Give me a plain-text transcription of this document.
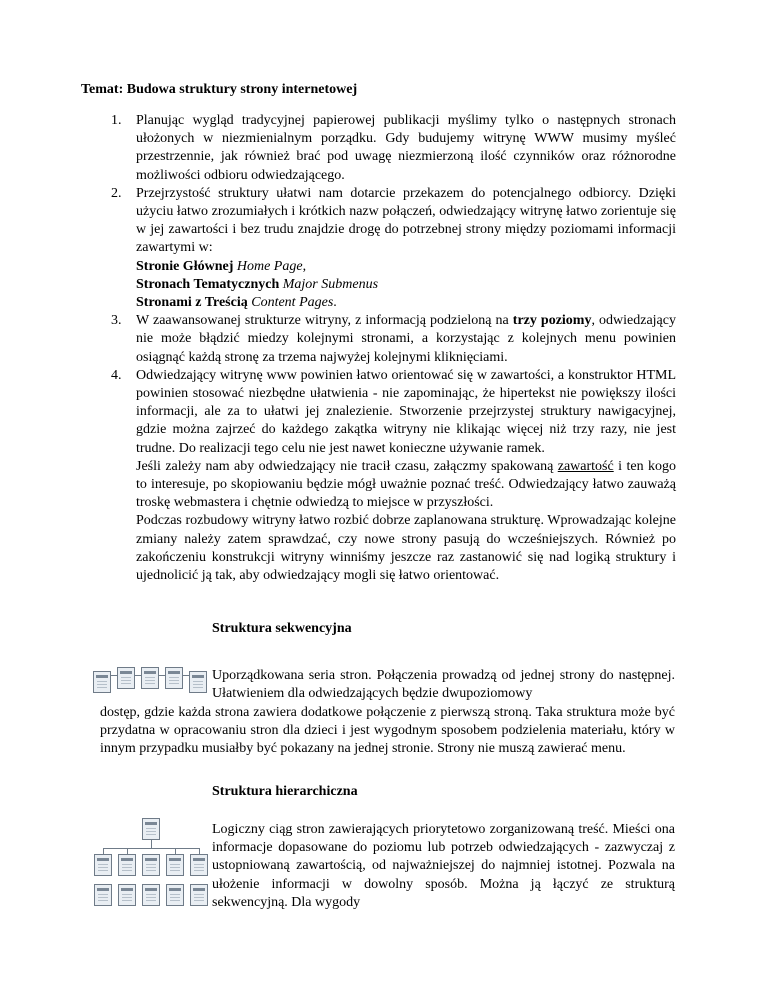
Temat: Budowa struktury strony internetowej
1. Planując wygląd tradycyjnej papierowej publikacji myślimy tylko o następnych stronach ułożonych w niezmienialnym porządku. Gdy budujemy witrynę WWW musimy myśleć przestrzennie, jak również brać pod uwagę niezmierzoną ilość czynników oraz różnorodne możliwości odbioru odwiedzającego.

2. Przejrzystość struktury ułatwi nam dotarcie przekazem do potencjalnego odbiorcy. Dzięki użyciu łatwo zrozumiałych i krótkich nazw połączeń, odwiedzający witrynę łatwo zorientuje się w jej zawartości i bez trudu znajdzie drogę do potrzebnej strony między poziomami informacji zawartymi w:

Stronie Głównej Home Page,

Stronach Tematycznych Major Submenus

Stronami z Treścią Content Pages.

3. W zaawansowanej strukturze witryny, z informacją podzieloną na trzy poziomy, odwiedzający nie może błądzić miedzy kolejnymi stronami, a korzystając z kolejnych menu powinien osiągnąć każdą stronę za trzema najwyżej kolejnymi kliknięciami.

4. Odwiedzający witrynę www powinien łatwo orientować się w zawartości, a konstruktor HTML powinien stosować niezbędne ułatwienia - nie zapominając, że hipertekst nie powiększy ilości informacji, ale za to ułatwi jej znalezienie. Stworzenie przejrzystej struktury nawigacyjnej, gdzie można zajrzeć do każdego zakątka witryny nie klikając więcej niż trzy razy, nie jest trudne. Do realizacji tego celu nie jest nawet konieczne używanie ramek.

Jeśli zależy nam aby odwiedzający nie tracił czasu, załączmy spakowaną zawartość i ten kogo to interesuje, po skopiowaniu będzie mógł uważnie poznać treść. Odwiedzający łatwo zauważą troskę webmastera i chętnie odwiedzą to miejsce w przyszłości.

Podczas rozbudowy witryny łatwo rozbić dobrze zaplanowana strukturę. Wprowadzając kolejne zmiany należy zatem sprawdzać, czy nowe strony pasują do wcześniejszych. Również po zakończeniu konstrukcji witryny winniśmy jeszcze raz zastanowić się nad logiką struktury i ujednolicić ją tak, aby odwiedzający mogli się łatwo orientować.

Struktura sekwencyjna
Uporządkowana seria stron. Połączenia prowadzą od jednej strony do następnej. Ułatwieniem dla odwiedzających będzie dwupoziomowy
dostęp, gdzie każda strona zawiera dodatkowe połączenie z pierwszą stroną. Taka struktura może być przydatna w opracowaniu stron dla dzieci i jest wygodnym sposobem podzielenia materiału, który w innym przypadku musiałby być pokazany na jednej stronie. Strony nie muszą zawierać menu.
Struktura hierarchiczna
Logiczny ciąg stron zawierających priorytetowo zorganizowaną treść. Mieści ona informacje dopasowane do poziomu lub potrzeb odwiedzających - zazwyczaj z ustopniowaną zawartością, od najważniejszej do najmniej istotnej. Pozwala na ułożenie informacji w dowolny sposób. Można ją łączyć ze strukturą sekwencyjną. Dla wygody
